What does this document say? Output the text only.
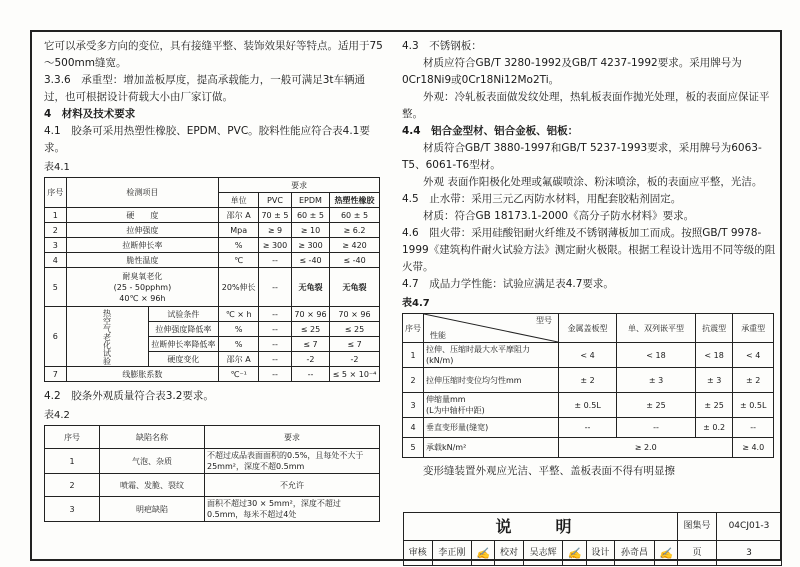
它可以承受多方向的变位，具有接缝平整、装饰效果好等特点。适用于75～500mm缝宽。

3.3.6　承重型：增加盖板厚度，提高承载能力，一般可满足3t车辆通过，也可根据设计荷载大小由厂家订做。

4　材料及技术要求

4.1　胶条可采用热塑性橡胶、EPDM、PVC。胶料性能应符合表4.1要求。

表4.1
序号	检测项目		要求			
			单位	PVC	EPDM	热塑性橡胶
1	硬　　度		邵尔 A	70 ± 5	60 ± 5	60 ± 5
2	拉伸强度		Mpa	≥ 9	≥ 10	≥ 6.2
3	拉断伸长率		%	≥ 300	≥ 300	≥ 420
4	脆性温度		℃	--	≤ -40	≤ -40
5	耐臭氧老化
(25 - 50pphm)
40℃ × 96h		20%伸长	--	无龟裂	无龟裂
6	热空气老化试验	试验条件	℃ × h	--	70 × 96	70 × 96
		拉伸强度降低率	%	--	≤ 25	≤ 25
		拉断伸长率降低率	%	--	≤ 7	≤ 7
		硬度变化	邵尔 A	--	-2	-2
7	线膨胀系数		℃⁻¹	--	--	≤ 5 × 10⁻⁴

4.2　胶条外观质量符合表3.2要求。

表4.2
序号	缺陷名称	要求
1	气泡、杂质	不超过成品表面面积的0.5%，且每处不大于25mm²，深度不超0.5mm
2	喷霜、发脆、裂纹	不允许
3	明疤缺陷	面积不超过30 × 5mm²，深度不超过0.5mm，每米不超过4处

4.3　不锈钢板：

材质应符合GB/T 3280-1992及GB/T 4237-1992要求。采用牌号为0Cr18Ni9或0Cr18Ni12Mo2Ti。

外观：冷轧板表面做发纹处理，热轧板表面作抛光处理，板的表面应保证平整。

4.4　铝合金型材、铝合金板、铝板：

材质符合GB/T 3880-1997和GB/T 5237-1993要求，采用牌号为6063-T5、6061-T6型材。

外观 表面作阳极化处理或氟碳喷涂、粉沫喷涂，板的表面应平整，光洁。

4.5　止水带：采用三元乙丙防水材料，用配套胶粘剂固定。

材质：符合GB 18173.1-2000《高分子防水材料》要求。

4.6　阻火带：采用硅酸铝耐火纤维及不锈钢薄板加工而成。按照GB/T 9978-1999《建筑构件耐火试验方法》测定耐火极限。根据工程设计选用不同等级的阻火带。

4.7　成品力学性能：试验应满足表4.7要求。

表4.7
序号	型号
性能	金属盖板型	单、双列嵌平型	抗震型	承重型
1	拉伸、压缩时最大水平摩阻力(kN/m)	< 4	< 18	< 18	< 4
2	拉伸压缩时变位均匀性mm	± 2	± 3	± 3	± 2
3	伸缩量mm
(L为中轴杆中距)	± 0.5L	± 25	± 25	± 0.5L
4	垂直变形量(缝宽)	--	--	± 0.2	--
5	承载kN/m²	≥ 2.0			≥ 4.0

变形缝装置外观应光洁、平整、盖板表面不得有明显擦

说　明									图集号	04CJ01-3
审核	李正刚	✍	校对	吴志辉	✍	设计	孙奇昌	✍	页	3
